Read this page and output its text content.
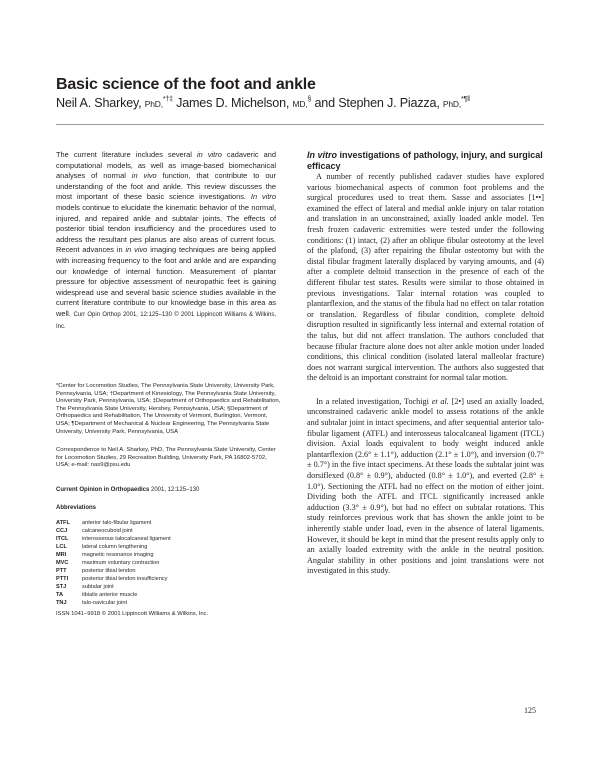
Basic science of the foot and ankle
Neil A. Sharkey, PhD,*†‡ James D. Michelson, MD,§ and Stephen J. Piazza, PhD,*¶‖

The current literature includes several in vitro cadaveric and computational models, as well as image-based biomechanical analyses of normal in vivo function, that contribute to our understanding of the foot and ankle. This review discusses the most important of these basic science investigations. In vitro models continue to elucidate the kinematic behavior of the normal, injured, and repaired ankle and subtalar joints. The effects of posterior tibial tendon insufficiency and the procedures used to address the resultant pes planus are also areas of current focus. Recent advances in in vivo imaging techniques are being applied with increasing frequency to the foot and ankle and are expanding our knowledge of internal function. Measurement of plantar pressure for objective assessment of neuropathic feet is gaining widespread use and several basic science studies available in the current literature contribute to our knowledge base in this area as well. Curr Opin Orthop 2001, 12:125–130 © 2001 Lippincott Williams & Wilkins, Inc.

*Center for Locomotion Studies, The Pennsylvania State University, University Park, Pennsylvania, USA; †Department of Kinesiology, The Pennsylvania State University, University Park, Pennsylvania, USA; ‡Department of Orthopaedics and Rehabilitation, The Pennsylvania State University, Hershey, Pennsylvania, USA; §Department of Orthopaedics and Rehabilitation, The University of Vermont, Burlington, Vermont, USA; ¶Department of Mechanical & Nuclear Engineering, The Pennsylvania State University, University Park, Pennsylvania, USA

Correspondence to Neil A. Sharkey, PhD, The Pennsylvania State University, Center for Locomotion Studies, 29 Recreation Building, University Park, PA 16802-5702, USA; e-mail: nas9@psu.edu

Current Opinion in Orthopaedics 2001, 12:125–130

Abbreviations

ATFL	anterior talo-fibular ligament
CCJ	calcaneocuboid joint
ITCL	interosseous talocalcaneal ligament
LCL	lateral column lengthening
MRI	magnetic resonance imaging
MVC	maximum voluntary contraction
PTT	posterior tibial tendon
PTTI	posterior tibial tendon insufficiency
STJ	subtalar joint
TA	tibialis anterior muscle
TNJ	talo-navicular joint

ISSN 1041–9918 © 2001 Lippincott Williams & Wilkins, Inc.

In vitro investigations of pathology, injury, and surgical efficacy

A number of recently published cadaver studies have explored various biomechanical aspects of common foot problems and the surgical procedures used to treat them. Sasse and associates [1••] examined the effect of lateral and medial ankle injury on talar rotation and translation in an unconstrained, axially loaded ankle model. Ten fresh frozen cadaveric extremities were tested under the following conditions: (1) intact, (2) after an oblique fibular osteotomy at the level of the plafond, (3) after repairing the fibular osteotomy but with the distal fibular fragment laterally displaced by varying amounts, and (4) after a complete deltoid transection in the presence of each of the different fibular test states. Results were similar to those obtained in previous investigations. Talar internal rotation was coupled to plantarflexion, and the status of the fibula had no effect on talar rotation or translation. Regardless of fibular condition, complete deltoid disruption resulted in significantly less internal and external rotation of the talus, but did not affect translation. The authors concluded that because fibular fracture alone does not alter ankle motion under loaded conditions, this clinical condition (isolated lateral malleolar fracture) does not warrant surgical intervention. The authors also suggested that the deltoid is an important constraint for normal talar motion.

In a related investigation, Tochigi et al. [2•] used an axially loaded, unconstrained cadaveric ankle model to assess rotations of the ankle and subtalar joint in intact specimens, and after sequential anterior talo-fibular ligament (ATFL) and interosseus talocalcaneal ligament (ITCL) division. Axial loads equivalent to body weight induced ankle plantarflexion (2.6° ± 1.1°), adduction (2.1° ± 1.0°), and inversion (0.7° ± 0.7°) in the five intact specimens. At these loads the subtalar joint was dorsiflexed (0.8° ± 0.9°), abducted (0.8° ± 1.0°), and everted (2.8° ± 1.0°). Sectioning the ATFL had no effect on the motion of either joint. Dividing both the ATFL and ITCL significantly increased ankle adduction (3.3° ± 0.9°), but had no effect on subtalar rotations. This study reinforces previous work that has shown the ankle joint to be inherently stable under load, even in the absence of lateral ligaments. However, it should be kept in mind that the present results apply only to an axially loaded extremity with the ankle in the neutral position. Angular stability in other positions and joint translations were not investigated in this study.

125
